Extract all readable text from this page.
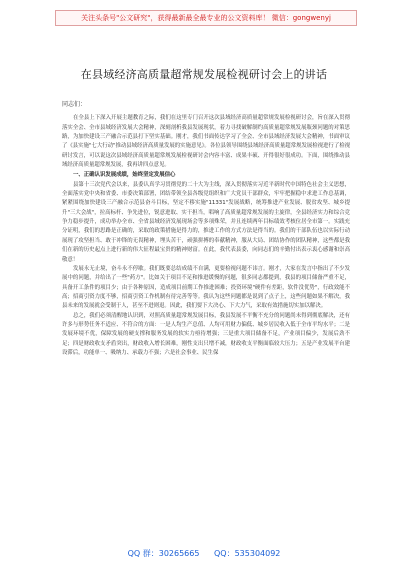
关注头条号"公文研究"，获得最新最全最专业的公文资料库！ 微信：gongwenyj
在县域经济高质量超常规发展检视研讨会上的讲话

同志们：

在全县上下深入开展主题教育之际，我们在这里专门召开这次县域经济高质量超常规发展检视研讨会，旨在深入贯彻落实全会、全市县域经济发展大会精神，深刻剖析我县发展现状，着力寻找破解制约高质量超常规发展瓶颈问题的对策思路，为加快建设三产融合示范县打下坚实基础。刚才，我们书面传达学习了全会、全市县域经济发展大会精神，书面审议了《县实施"七大行动"推动县域经济高质量发展的实施意见》。各位县领导围绕县域经济高质量超常规发展检视进行了检视研讨发言，可以说这次县域经济高质量超常规发展检视研讨会内容丰富、成果丰硕、开得很好很成功。下面，围绕推动县域经济高质量超常规发展，我再讲四点意见。

一、正确认识发展成绩，始终坚定发展信心

县第十三次党代会以来，县委认真学习贯彻党的二十大为主线，深入贯彻落实习近平新时代中国特色社会主义思想，全面落实党中央和省委、市委决策部署，团结带领全县各级党组织和广大党员干部群众，牢牢把握稳中求进工作总基调，紧紧围绕加快建设三产融合示范县奋斗目标，坚定不移实施"11331"发展战略，统筹推进产业发展、脱贫攻坚、城乡提升"三大会战"，拉高标杆、争先进位，锐意进取、实干担当，唱响了高质量超常规发展的主旋律，全县经济实力和综合竞争力稳步提升，成功举办全市、全省县域经济发展现场会等多项殊荣，并且连续两年目标绩效考核位居全市第一。实践充分证明，我们的思路是正确的，采取的政策措施是得力的，推进工作的方式方法是得当的。我们的干部队伍也以实际行动展现了攻坚担当、敢于冲锋的无畏精神，埋头苦干，顽强拼搏的奉献精神，服从大局、团结协作的团队精神，这些都是我们在新的历史起点上进行新的伟大征程最宝贵的精神财富。在此，我代表县委，向同志们的辛勤付出表示衷心感谢和崇高敬意！

发展永无止境，奋斗永不停歇。我们既要总结成绩不自满，更要检视问题不讳言。刚才，大家在发言中指出了不少发展中的问题，并给出了一些"药方"。比如关于项目不足和推进缓慢的问题，很多同志都提到，我县的项目储备严重不足，具备开工条件的项目少；由于各种原因，造成项目前期工作推进困难；投资环境"硬件有差距，软件没优势"，行政效能不高；招商引资力度不够，招商引资工作机制有待完善等等。我认为这些问题都是说到了点子上，这些问题如果不解决，我县未来的发展就会受制于人，甚至不进则退。因此，我们要下大决心、下大力气，采取有效措施切实加以解决。

总之，我们必须清醒地认识到，对照高质量超常规发展目标，我县发展不平衡不充分的问题尚未得到彻底解决，还有许多与形势任务不适应、不符合的方面：一是人均生产总值、人均可用财力偏低、城乡居民收入低于全市平均水平；二是发展环境不优，保障发展的硬支撑和服务发展的软实力亟待增强；三是重大项目储备不足，产业项目偏少，发展后劲不足；四是财政收支矛盾突出，财政收入增长困难，刚性支出只增不减，财政收支平衡面临较大压力；五是产业发展平台建设滞后，功能单一、吸纳力、承载力不强；六是社会事业、民生保

QQ 群：30265665 QQ：535304092
